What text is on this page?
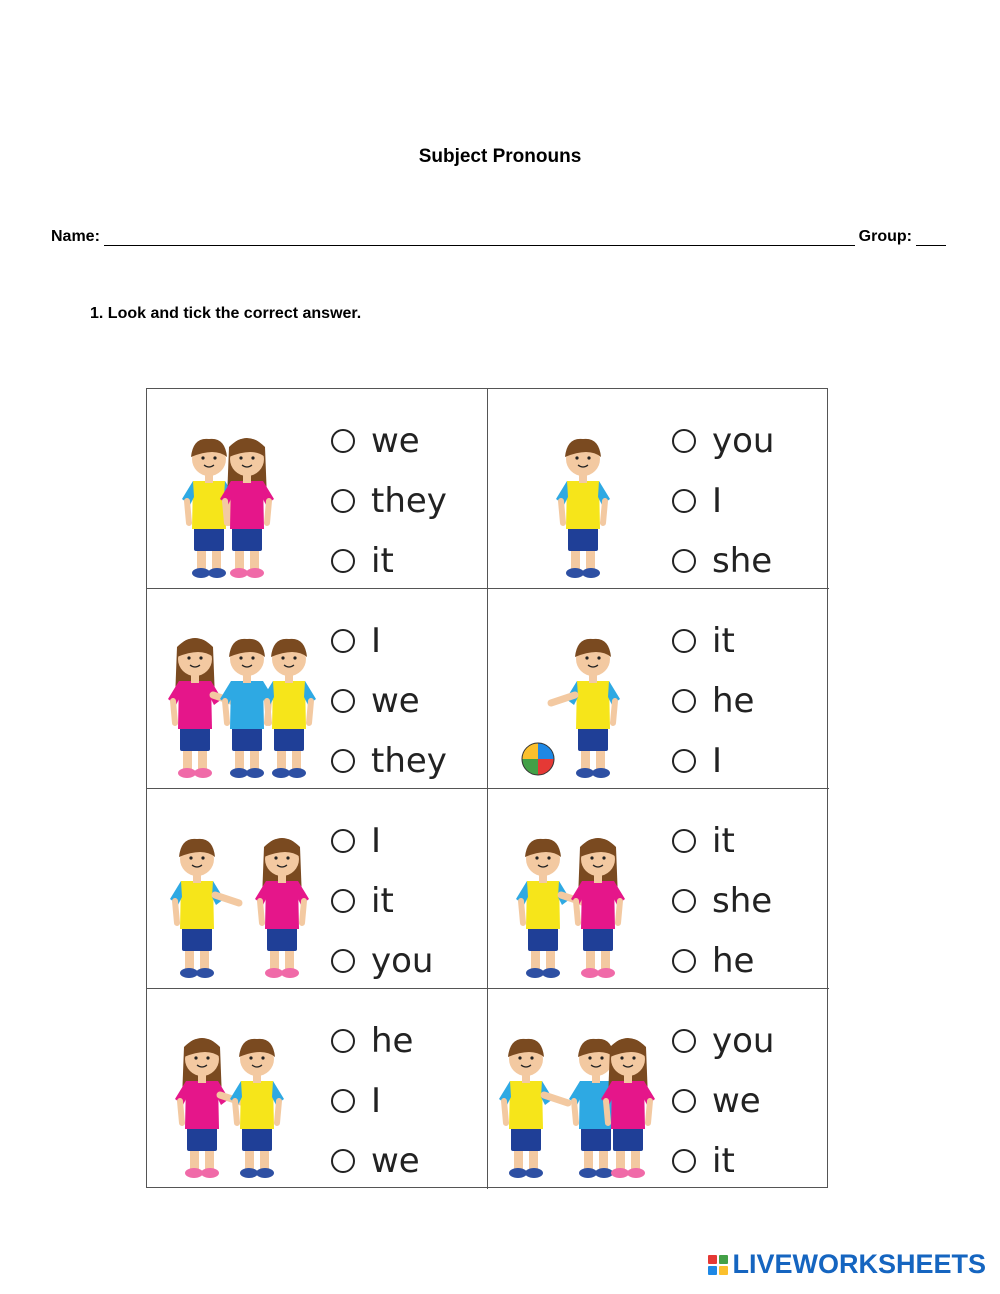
Subject Pronouns
Name:	Group:
1. Look and tick the correct answer.
we
they
it
you
I
she
I
we
they
it
he
I
I
it
you
it
she
he
he
I
we
you
we
it
LIVEWORKSHEETS
